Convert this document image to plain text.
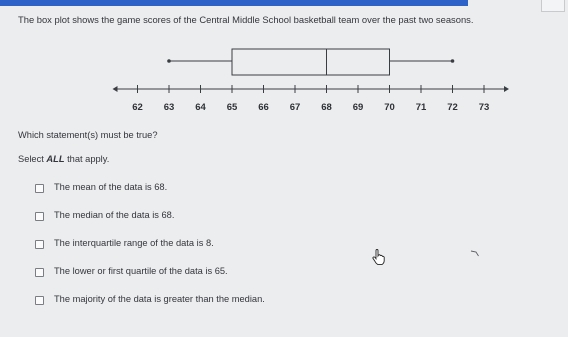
The box plot shows the game scores of the Central Middle School basketball team over the past two seasons.
62 63 64 65 66 67 68 69 70 71 72 73
Which statement(s) must be true?
Select ALL that apply.
The mean of the data is 68.
The median of the data is 68.
The interquartile range of the data is 8.
The lower or first quartile of the data is 65.
The majority of the data is greater than the median.
